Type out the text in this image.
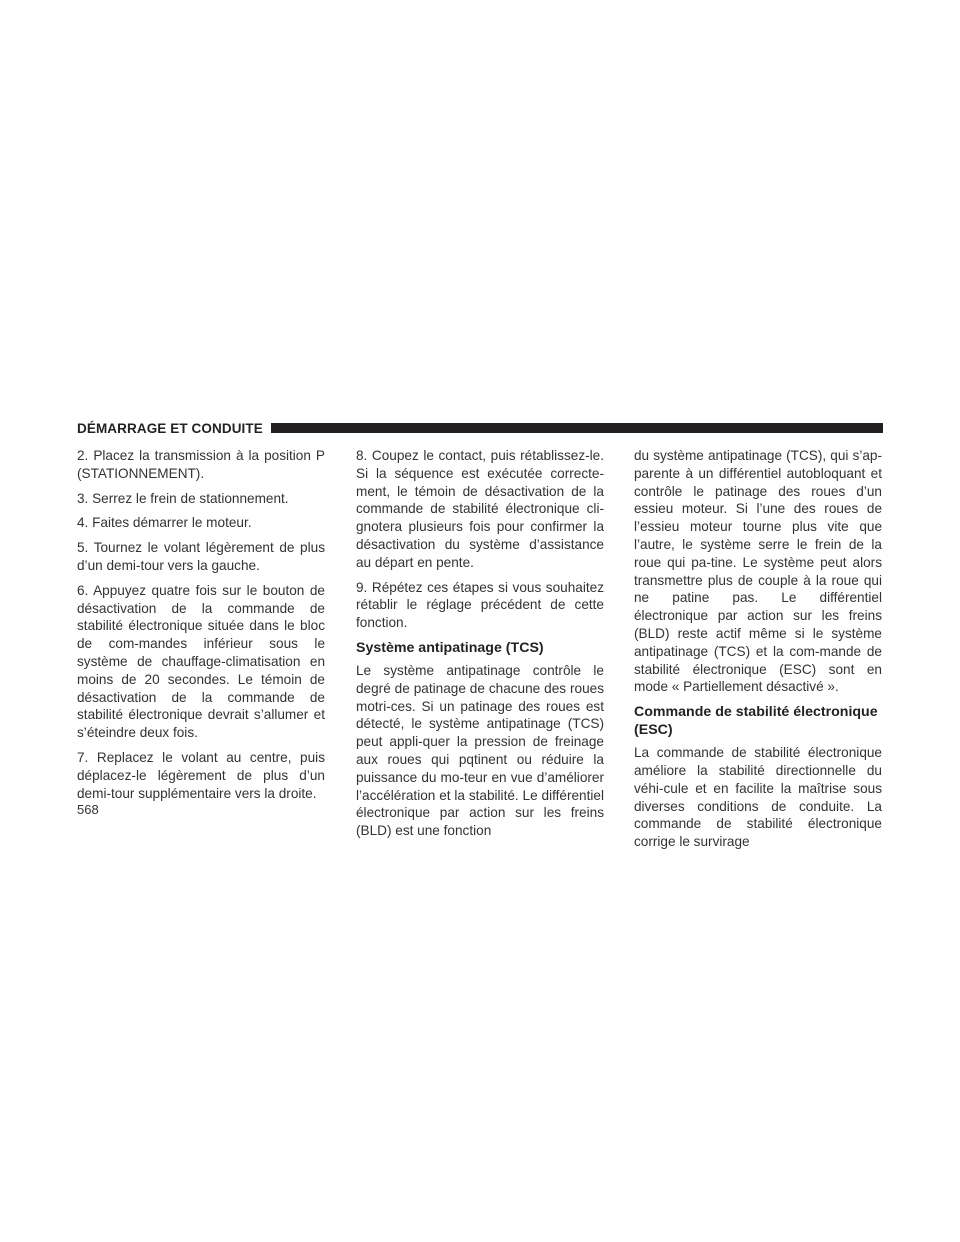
DÉMARRAGE ET CONDUITE

2. Placez la transmission à la position P (STATIONNEMENT).

3. Serrez le frein de stationnement.

4. Faites démarrer le moteur.

5. Tournez le volant légèrement de plus d’un demi-tour vers la gauche.

6. Appuyez quatre fois sur le bouton de désactivation de la commande de stabilité électronique située dans le bloc de com-mandes inférieur sous le système de chauffage-climatisation en moins de 20 secondes. Le témoin de désactivation de la commande de stabilité électronique devrait s’allumer et s’éteindre deux fois.

7. Replacez le volant au centre, puis déplacez-le légèrement de plus d’un demi-tour supplémentaire vers la droite.

8. Coupez le contact, puis rétablissez-le. Si la séquence est exécutée correcte-ment, le témoin de désactivation de la commande de stabilité électronique cli-gnotera plusieurs fois pour confirmer la désactivation du système d’assistance au départ en pente.

9. Répétez ces étapes si vous souhaitez rétablir le réglage précédent de cette fonction.

Système antipatinage (TCS)

Le système antipatinage contrôle le degré de patinage de chacune des roues motri-ces. Si un patinage des roues est détecté, le système antipatinage (TCS) peut appli-quer la pression de freinage aux roues qui pqtinent ou réduire la puissance du mo-teur en vue d’améliorer l’accélération et la stabilité. Le différentiel électronique par action sur les freins (BLD) est une fonction

du système antipatinage (TCS), qui s’ap-parente à un différentiel autobloquant et contrôle le patinage des roues d’un essieu moteur. Si l’une des roues de l’essieu moteur tourne plus vite que l’autre, le système serre le frein de la roue qui pa-tine. Le système peut alors transmettre plus de couple à la roue qui ne patine pas. Le différentiel électronique par action sur les freins (BLD) reste actif même si le système antipatinage (TCS) et la com-mande de stabilité électronique (ESC) sont en mode « Partiellement désactivé ».

Commande de stabilité électronique (ESC)

La commande de stabilité électronique améliore la stabilité directionnelle du véhi-cule et en facilite la maîtrise sous diverses conditions de conduite. La commande de stabilité électronique corrige le survirage

568
